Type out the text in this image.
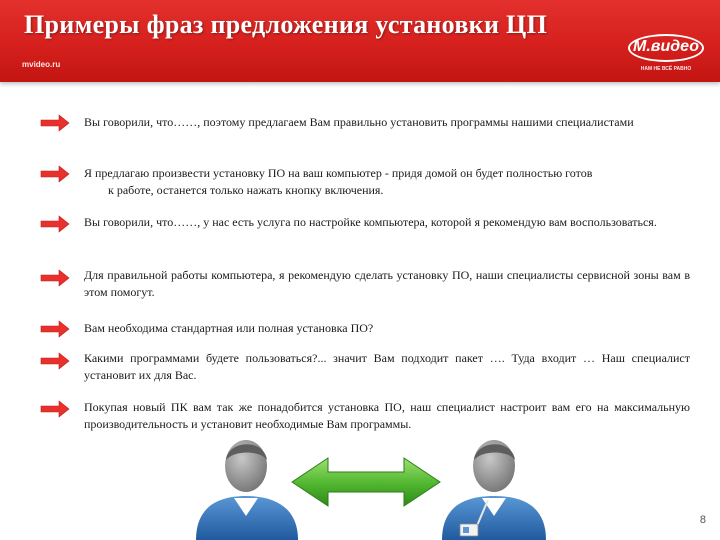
Примеры фраз предложения установки ЦП
mvideo.ru
М.видео
НАМ НЕ ВСЁ РАВНО
Вы говорили, что……, поэтому предлагаем Вам правильно установить программы нашими специалистами
Я предлагаю произвести установку ПО на ваш компьютер - придя домой он будет полностью готов
к работе, останется только нажать кнопку включения.
Вы говорили, что……, у нас есть услуга по настройке компьютера, которой я рекомендую вам воспользоваться.
Для правильной работы компьютера, я рекомендую сделать установку ПО, наши специалисты сервисной зоны вам в этом помогут.
Вам необходима стандартная или полная установка ПО?
Какими программами будете пользоваться?... значит Вам подходит пакет …. Туда входит … Наш специалист установит их для Вас.
Покупая новый ПК вам так же понадобится установка ПО, наш специалист настроит вам его на максимальную производительность и установит необходимые Вам программы.
8
